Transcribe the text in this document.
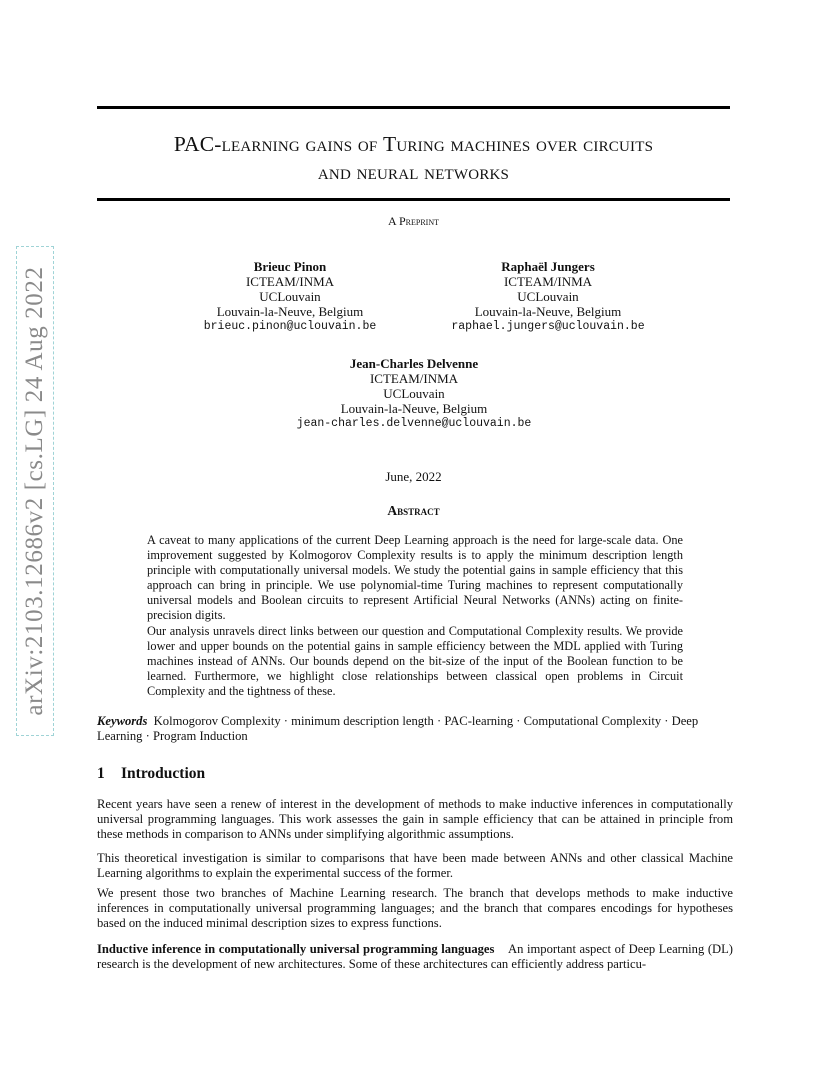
arXiv:2103.12686v2 [cs.LG] 24 Aug 2022
PAC-learning gains of Turing machines over circuits
and neural networks
A Preprint
Brieuc Pinon
ICTEAM/INMA
UCLouvain
Louvain-la-Neuve, Belgium
brieuc.pinon@uclouvain.be
Raphaël Jungers
ICTEAM/INMA
UCLouvain
Louvain-la-Neuve, Belgium
raphael.jungers@uclouvain.be
Jean-Charles Delvenne
ICTEAM/INMA
UCLouvain
Louvain-la-Neuve, Belgium
jean-charles.delvenne@uclouvain.be
June, 2022
Abstract
A caveat to many applications of the current Deep Learning approach is the need for large-scale data. One improvement suggested by Kolmogorov Complexity results is to apply the minimum description length principle with computationally universal models. We study the potential gains in sample efficiency that this approach can bring in principle. We use polynomial-time Turing machines to represent computationally universal models and Boolean circuits to represent Artificial Neural Networks (ANNs) acting on finite-precision digits.
Our analysis unravels direct links between our question and Computational Complexity results. We provide lower and upper bounds on the potential gains in sample efficiency between the MDL applied with Turing machines instead of ANNs. Our bounds depend on the bit-size of the input of the Boolean function to be learned. Furthermore, we highlight close relationships between classical open problems in Circuit Complexity and the tightness of these.
Keywords Kolmogorov Complexity · minimum description length · PAC-learning · Computational Complexity · Deep Learning · Program Induction
1 Introduction
Recent years have seen a renew of interest in the development of methods to make inductive inferences in computationally universal programming languages. This work assesses the gain in sample efficiency that can be attained in principle from these methods in comparison to ANNs under simplifying algorithmic assumptions.
This theoretical investigation is similar to comparisons that have been made between ANNs and other classical Machine Learning algorithms to explain the experimental success of the former.
We present those two branches of Machine Learning research. The branch that develops methods to make inductive inferences in computationally universal programming languages; and the branch that compares encodings for hypotheses based on the induced minimal description sizes to express functions.
Inductive inference in computationally universal programming languages An important aspect of Deep Learning (DL) research is the development of new architectures. Some of these architectures can efficiently address particu-
